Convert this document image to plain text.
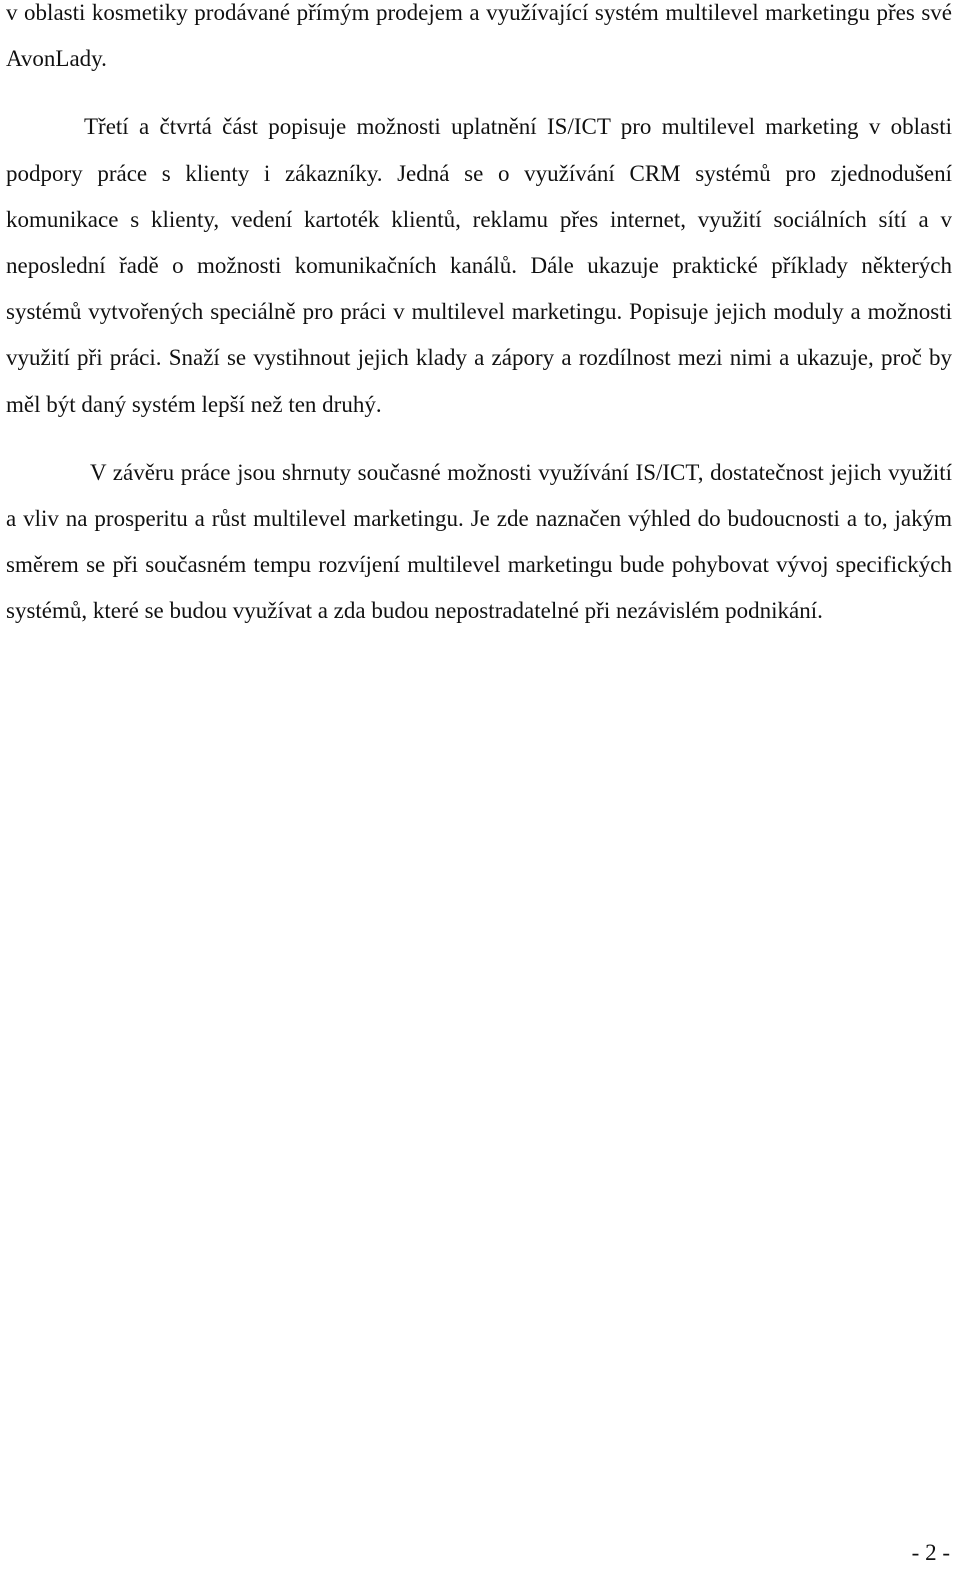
v oblasti kosmetiky prodávané přímým prodejem a využívající systém multilevel marketingu přes své AvonLady.

Třetí a čtvrtá část popisuje možnosti uplatnění IS/ICT pro multilevel marketing v oblasti podpory práce s klienty i zákazníky. Jedná se o využívání CRM systémů pro zjednodušení komunikace s klienty, vedení kartoték klientů, reklamu přes internet, využití sociálních sítí a v neposlední řadě o možnosti komunikačních kanálů. Dále ukazuje praktické příklady některých systémů vytvořených speciálně pro práci v multilevel marketingu. Popisuje jejich moduly a možnosti využití při práci. Snaží se vystihnout jejich klady a zápory a rozdílnost mezi nimi a ukazuje, proč by měl být daný systém lepší než ten druhý.

V závěru práce jsou shrnuty současné možnosti využívání IS/ICT, dostatečnost jejich využití a vliv na prosperitu a růst multilevel marketingu. Je zde naznačen výhled do budoucnosti a to, jakým směrem se při současném tempu rozvíjení multilevel marketingu bude pohybovat vývoj specifických systémů, které se budou využívat a zda budou nepostradatelné při nezávislém podnikání.

- 2 -
